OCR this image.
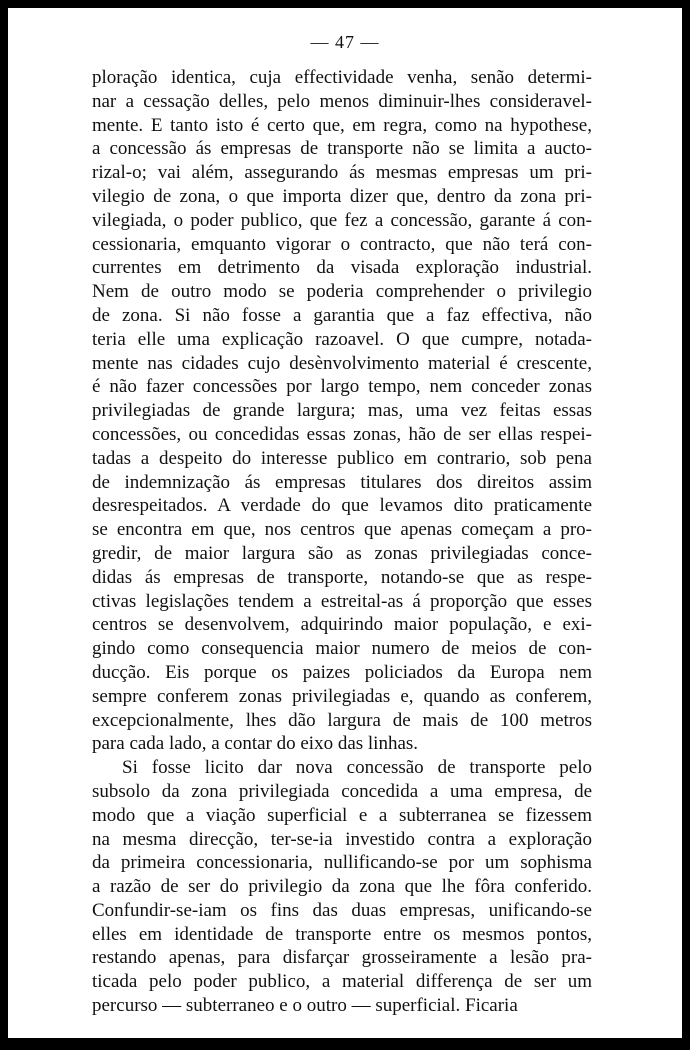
— 47 —

ploração identica, cuja effectividade venha, senão determi-
nar a cessação delles, pelo menos diminuir-lhes consideravel-
mente. E tanto isto é certo que, em regra, como na hypothese,
a concessão ás empresas de transporte não se limita a aucto-
rizal-o; vai além, assegurando ás mesmas empresas um pri-
vilegio de zona, o que importa dizer que, dentro da zona pri-
vilegiada, o poder publico, que fez a concessão, garante á con-
cessionaria, emquanto vigorar o contracto, que não terá con-
currentes em detrimento da visada exploração industrial.
Nem de outro modo se poderia comprehender o privilegio
de zona. Si não fosse a garantia que a faz effectiva, não
teria elle uma explicação razoavel. O que cumpre, notada-
mente nas cidades cujo desènvolvimento material é crescente,
é não fazer concessões por largo tempo, nem conceder zonas
privilegiadas de grande largura; mas, uma vez feitas essas
concessões, ou concedidas essas zonas, hão de ser ellas respei-
tadas a despeito do interesse publico em contrario, sob pena
de indemnização ás empresas titulares dos direitos assim
desrespeitados. A verdade do que levamos dito praticamente
se encontra em que, nos centros que apenas começam a pro-
gredir, de maior largura são as zonas privilegiadas conce-
didas ás empresas de transporte, notando-se que as respe-
ctivas legislações tendem a estreital-as á proporção que esses
centros se desenvolvem, adquirindo maior população, e exi-
gindo como consequencia maior numero de meios de con-
ducção. Eis porque os paizes policiados da Europa nem
sempre conferem zonas privilegiadas e, quando as conferem,
excepcionalmente, lhes dão largura de mais de 100 metros
para cada lado, a contar do eixo das linhas.

Si fosse licito dar nova concessão de transporte pelo
subsolo da zona privilegiada concedida a uma empresa, de
modo que a viação superficial e a subterranea se fizessem
na mesma direcção, ter-se-ia investido contra a exploração
da primeira concessionaria, nullificando-se por um sophisma
a razão de ser do privilegio da zona que lhe fôra conferido.
Confundir-se-iam os fins das duas empresas, unificando-se
elles em identidade de transporte entre os mesmos pontos,
restando apenas, para disfarçar grosseiramente a lesão pra-
ticada pelo poder publico, a material differença de ser um
percurso — subterraneo e o outro — superficial. Ficaria
